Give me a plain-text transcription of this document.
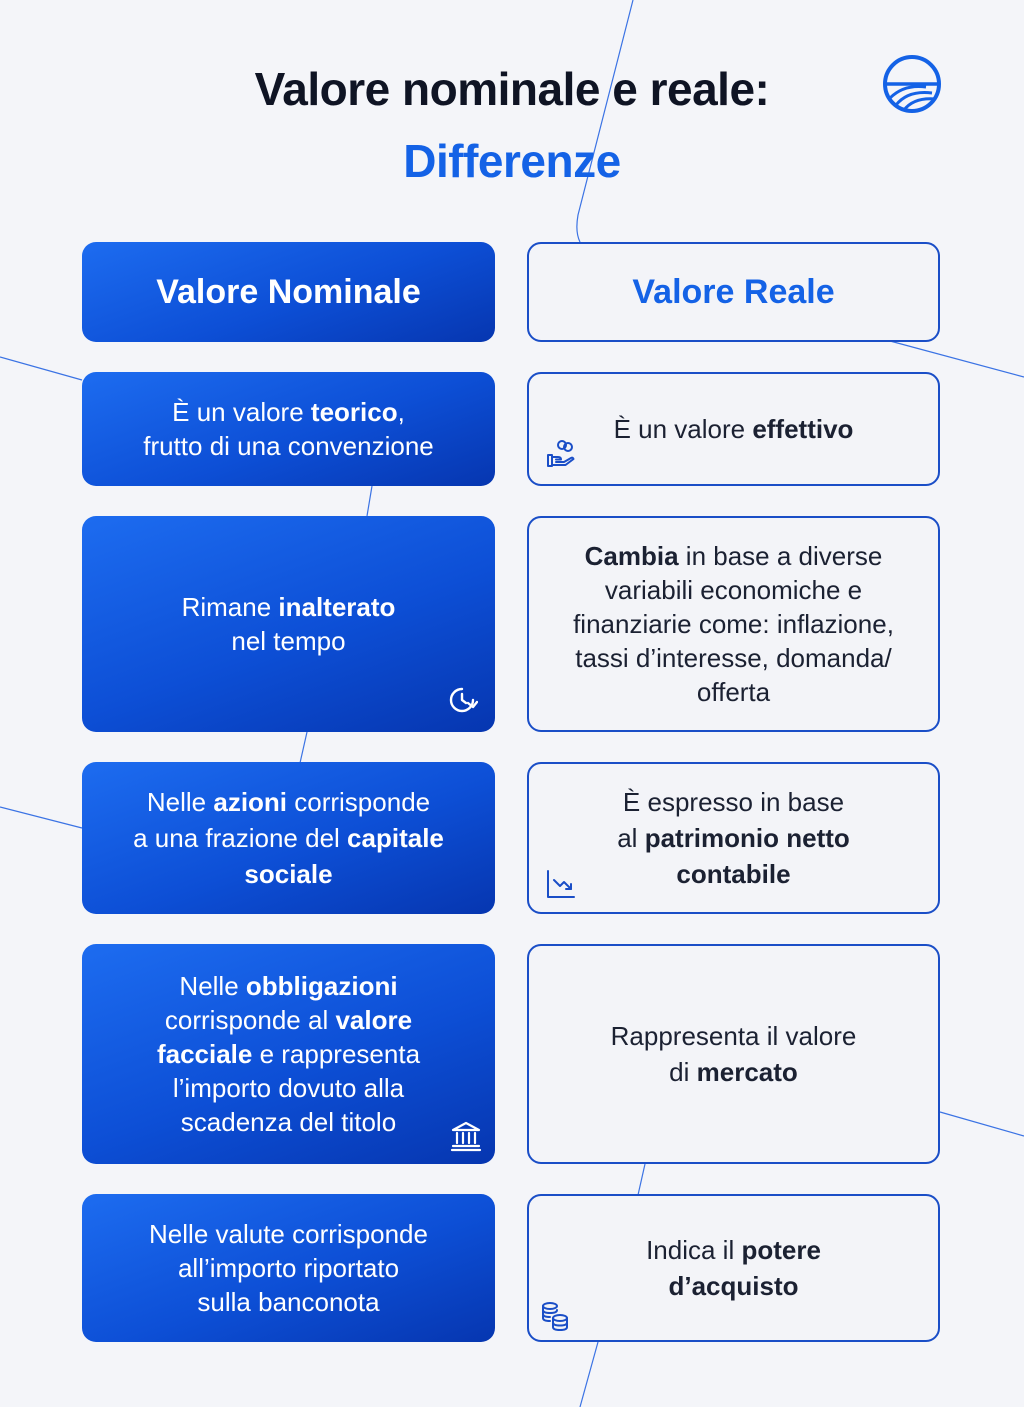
Valore nominale e reale:
Differenze
Valore Nominale	Valore Reale
È un valore teorico,
frutto di una convenzione
È un valore effettivo
Rimane inalterato
nel tempo
Cambia in base a diverse variabili economiche e finanziarie come: inflazione, tassi d’interesse, domanda/ offerta
Nelle azioni corrisponde
a una frazione del capitale
sociale
È espresso in base
al patrimonio netto
contabile
Nelle obbligazioni
corrisponde al valore
facciale e rappresenta
l’importo dovuto alla
scadenza del titolo
Rappresenta il valore
di mercato
Nelle valute corrisponde
all’importo riportato
sulla banconota
Indica il potere
d’acquisto
